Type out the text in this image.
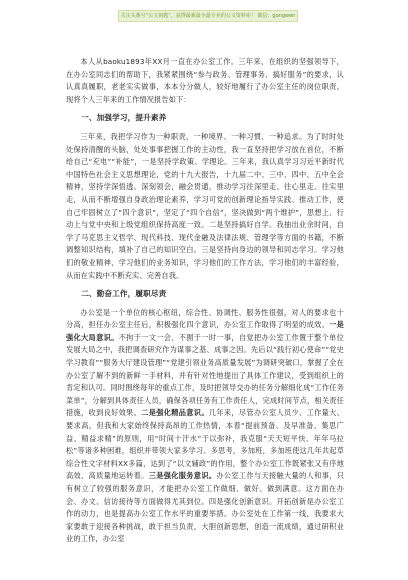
关注头条号“公文钥匙”，获得最新最全最专业的公文资料库！ 微信：gongwen

本人从baoku1893年XX月一直在办公室工作。三年来，在组织的坚强领导下，在办公室同志们的帮助下，我紧紧围绕“参与政务、管理事务、搞好服务”的要求，认认真真履职，老老实实做事，本本分分做人，较好地履行了办公室主任的岗位职责。现将个人三年来的工作情况报告如下：

一、加强学习，提升素养

三年来，我把学习作为一种职责、一种境界、一种习惯、一种追求。为了时时处处保持清醒的头脑，处处事事把握工作的主动性，我一直坚持把学习放在首位，不断给自己“充电”“补能”，一是坚持学政策、学理论。三年来，我认真学习习近平新时代中国特色社会主义思想理论，党的十九大报告，十九届二中、三中、四中、五中全会精神，坚持学深悟透、深刻领会，融会贯通，推动学习往深里走、往心里走、往实里走，从而不断增强自身政治理论素养，学习可党的创新理论指导实践、推动工作，使自己牢固树立了“四个意识”，坚定了“四个自信”，坚决做到“两个维护”，思想上、行动上与党中央和上级党组织保持高度一致。二是坚持搞好自学。我抽出业余时间，自学了马克思主义哲学、现代科技、现代金融及法律法规、管理学等方面的书籍，不断调整知识结构，填补了自己的知识空白。三是坚持向身边的领导和同志学习。学习他们的敬业精神，学习他们的业务知识，学习他们的工作方法，学习他们的丰富经验，从而在实践中不断充实、完善自我。

二、勤奋工作，履职尽责

办公室是一个单位的核心枢纽，综合性、协调性、服务性很强，对人的要求也十分高，担任办公室主任后，积极强化四个意识，办公室工作取得了明显的成效。一是强化大局意识。不拘于一文一会、不囿于一时一事，自觉把办公室工作置于整个单位发展大局之中，我把调查研究作为谋事之基、成事之因。先后以“践行初心使命”“党史学习教育”“服务大厅建设管理”“党建引领业务高质量发展”为调研突破口，掌握了全在办公室了解不到的新鲜一手材料，并有针对性地提出了具体工作建议，受到组织上的肯定和认可。同时围绕每年的重点工作，及时把领导交办的任务分解细化成“工作任务菜单”，分解到具体责任人员，确保各项任务有工作责任人，完成时间节点，相关责任措施，收到良好效果。二是强化精品意识。几年来，尽管办公室人员少、工作量大、要求高，但我和大家始终保持高昂的工作热情，本着“提前预备、及早准备、集思广益、精益求精”的原则，用“时间十汗水”于以弥补，我克服“天天短平快、年年马拉松”等诸多种困难，组织并带领大家多学习、多思考，多加班，多加班使这几年共起草综合性文字材料XX多篇，达到了“以文辅政”的作用，整个办公室工作既紧张又有序地高效、高质量地运转着。三是强化服务意识。办公室工作与天接触大量的人和事，只有树立了较强的服务意识，才能把办公室工作做细、做好、做到满意。这方面在办会、办文、信访接待等方面做得尤其到位。四是强化创新意识。开拓创新是办公室工作的动力，也是提高办公室工作水平的重要举措。办公室处在工作第一线，我要求大家要敢于迎接各种挑战，敢于担当负责，大胆创新思想，创造一流成绩，通过研积业业的工作，办公室
